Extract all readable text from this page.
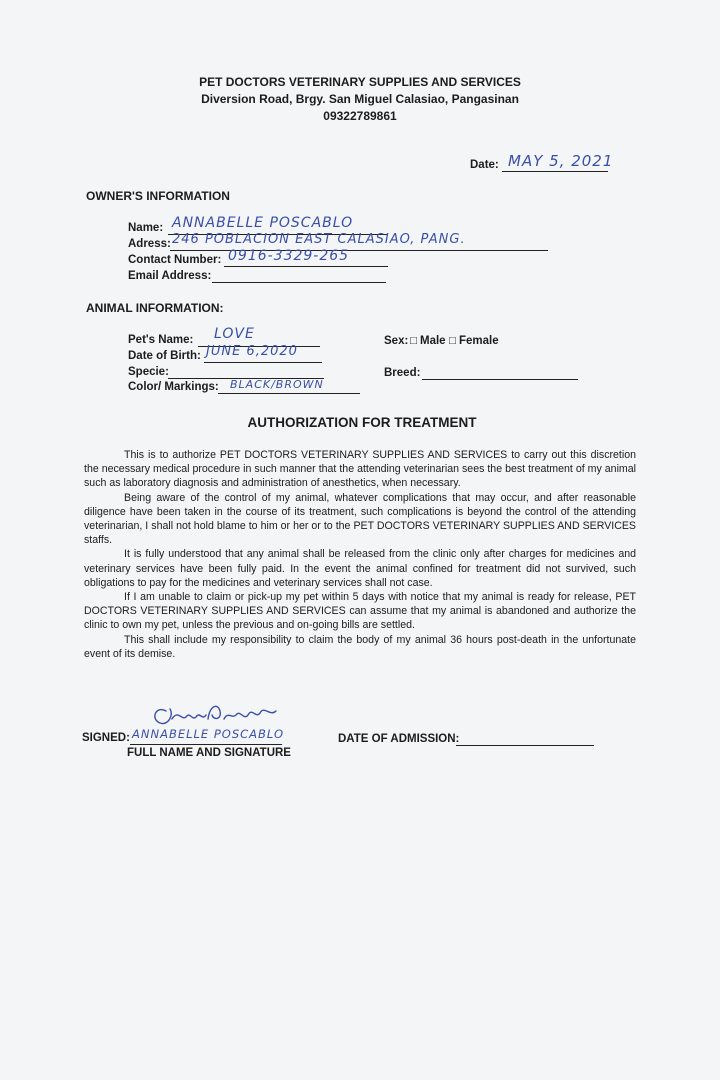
PET DOCTORS VETERINARY SUPPLIES AND SERVICES
Diversion Road, Brgy. San Miguel Calasiao, Pangasinan
09322789861
Date: MAY 5, 2021
OWNER'S INFORMATION
Name: ANNABELLE POSCABLO
Adress: 246 POBLACION EAST CALASIAO, PANG.
Contact Number: 0916-3329-265
Email Address:
ANIMAL INFORMATION:
Pet's Name: LOVE	Sex: □ Male □ Female
Date of Birth: JUNE 6,2020
Specie:	Breed:
Color/ Markings: BLACK/BROWN
AUTHORIZATION FOR TREATMENT

This is to authorize PET DOCTORS VETERINARY SUPPLIES AND SERVICES to carry out this discretion the necessary medical procedure in such manner that the attending veterinarian sees the best treatment of my animal such as laboratory diagnosis and administration of anesthetics, when necessary.

Being aware of the control of my animal, whatever complications that may occur, and after reasonable diligence have been taken in the course of its treatment, such complications is beyond the control of the attending veterinarian, I shall not hold blame to him or her or to the PET DOCTORS VETERINARY SUPPLIES AND SERVICES staffs.

It is fully understood that any animal shall be released from the clinic only after charges for medicines and veterinary services have been fully paid. In the event the animal confined for treatment did not survived, such obligations to pay for the medicines and veterinary services shall not case.

If I am unable to claim or pick-up my pet within 5 days with notice that my animal is ready for release, PET DOCTORS VETERINARY SUPPLIES AND SERVICES can assume that my animal is abandoned and authorize the clinic to own my pet, unless the previous and on-going bills are settled.

This shall include my responsibility to claim the body of my animal 36 hours post-death in the unfortunate event of its demise.

SIGNED: ANNABELLE POSCABLO
FULL NAME AND SIGNATURE
DATE OF ADMISSION:
